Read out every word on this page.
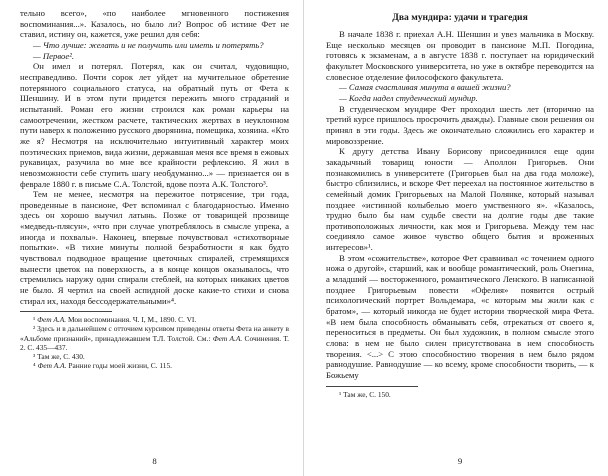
тельно всего», «по наиболее мгновенного постижения воспоминания...». Казалось, но было ли? Вопрос об истине Фет не ставил, истину он, кажется, уже решил для себя:

— Что лучше: желать и не получить или иметь и потерять?

— Первое².

Он имел и потерял. Потерял, как он считал, чудовищно, несправедливо. Почти сорок лет уйдет на мучительное обретение потерянного социального статуса, на обратный путь от Фета к Шеншину. И в этом пути придется пережить много страданий и испытаний. Роман его жизни строился как роман карьеры на самоотречении, жестком расчете, тактических жертвах в неуклонном пути наверх к положению русского дворянина, помещика, хозяина. «Кто же я? Несмотря на исключительно интуитивный характер моих поэтических приемов, вида жизни, державшая меня все время в ежовых рукавицах, разучила во мне все крайности рефлексию. Я жил в невозможности себе ступить шагу необдуманно...» — признается он в феврале 1880 г. в письме С.А. Толстой, вдове поэта А.К. Толстого³.

Тем не менее, несмотря на пережитое потрясение, три года, проведенные в пансионе, Фет вспоминал с благодарностью. Именно здесь он хорошо выучил латынь. Позже от товарищей прозвище «медведь-плясун», «что при случае употреблялось в смысле упрека, а иногда и похвалы». Наконец, впервые почувствовал «стихотворные попытки». «В тихие минуты полной безработности я как будто чувствовал подводное вращение цветочных спиралей, стремящихся вынести цветок на поверхность, а в конце концов оказывалось, что стремились наружу одни спирали стеблей, на которых никаких цветов не было. Я чертил на своей аспидной доске какие-то стихи и снова стирал их, находя бессодержательными»⁴.

¹ Фет А.А. Мои воспоминания. Ч. I, М., 1890. C. VI.

² Здесь и в дальнейшем с отточием курсивом приведены ответы Фета на анкету в «Альбоме признаний», принадлежавшем Т.Л. Толстой. См.: Фет А.А. Сочинения. Т. 2. С. 435—437.

³ Там же, С. 430.

⁴ Фет А.А. Ранние годы моей жизни, С. 115.

8
Два мундира: удачи и трагедия

В начале 1838 г. приехал А.Н. Шеншин и увез мальчика в Москву. Еще несколько месяцев он проводит в пансионе М.П. Погодина, готовясь к экзаменам, а в августе 1838 г. поступает на юридический факультет Московского университета, но уже в октябре переводится на словесное отделение философского факультета.

— Самая счастливая минута в вашей жизни?

— Когда надел студенческий мундир.

В студенческом мундире Фет проходил шесть лет (вторично на третий курсе пришлось просрочить дважды). Главные свои решения он принял в эти годы. Здесь же окончательно сложились его характер и мировоззрение.

К другу детства Ивану Борисову присоединился еще один закадычный товарищ юности — Аполлон Григорьев. Они познакомились в университете (Григорьев был на два года моложе), быстро сблизились, и вскоре Фет переехал на постоянное жительство в семейный домик Григорьевых на Малой Полянке, который называл позднее «истинной колыбелью моего умственного я». «Казалось, трудно было бы нам судьбе свести на долгие годы две такие противоположных личности, как моя и Григорьева. Между тем нас соединяло самое живое чувство общего бытия и вроженных интересов»¹.

В этом «сожительстве», которое Фет сравнивал «с точением одного ножа о другой», старший, как и вообще романтический, роль Онегина, а младший — восторженного, романтического Ленского. В написанной позднее Григорьевым повести «Офелия» появится острый психологический портрет Вольдемара, «с которым мы жили как с братом», — который никогда не будет истории творческой мира Фета. «В нем была способность обманывать себя, отрекаться от своего я, переноситься в предметы. Он был художник, в полном смысле этого слова: в нем не было силен присутствована в нем способность творения. <...> С этою способностию творения в нем было рядом равнодушие. Равнодушие — ко всему, кроме способности творить, — к Божьему

¹ Там же, С. 150.

9
